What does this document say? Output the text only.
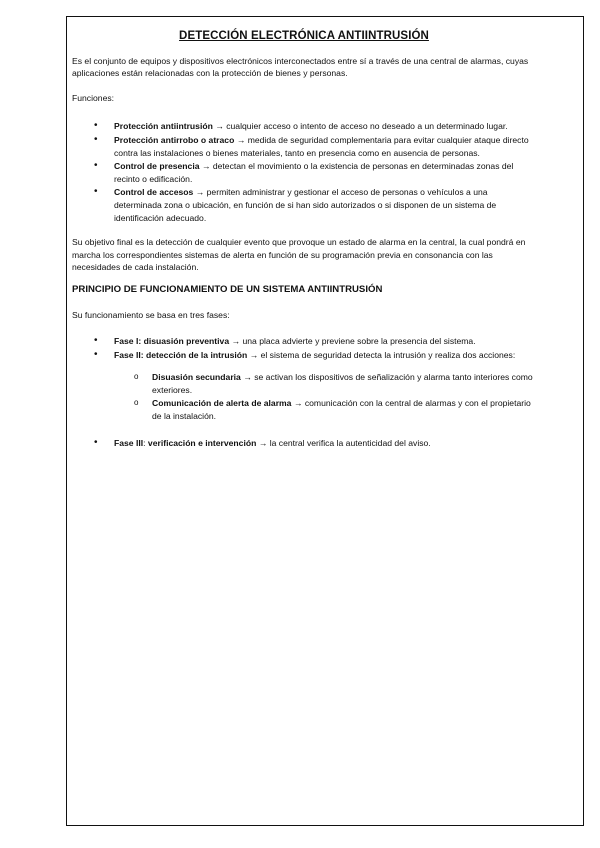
DETECCIÓN ELECTRÓNICA ANTIINTRUSIÓN

Es el conjunto de equipos y dispositivos electrónicos interconectados entre sí a través de una central de alarmas, cuyas aplicaciones están relacionadas con la protección de bienes y personas.

Funciones:

• Protección antiintrusión → cualquier acceso o intento de acceso no deseado a un determinado lugar.
• Protección antirrobo o atraco → medida de seguridad complementaria para evitar cualquier ataque directo contra las instalaciones o bienes materiales, tanto en presencia como en ausencia de personas.
• Control de presencia → detectan el movimiento o la existencia de personas en determinadas zonas del recinto o edificación.
• Control de accesos → permiten administrar y gestionar el acceso de personas o vehículos a una determinada zona o ubicación, en función de si han sido autorizados o si disponen de un sistema de identificación adecuado.

Su objetivo final es la detección de cualquier evento que provoque un estado de alarma en la central, la cual pondrá en marcha los correspondientes sistemas de alerta en función de su programación previa en consonancia con las necesidades de cada instalación.

PRINCIPIO DE FUNCIONAMIENTO DE UN SISTEMA ANTIINTRUSIÓN

Su funcionamiento se basa en tres fases:

• Fase I: disuasión preventiva → una placa advierte y previene sobre la presencia del sistema.
• Fase II: detección de la intrusión → el sistema de seguridad detecta la intrusión y realiza dos acciones:
o Disuasión secundaria → se activan los dispositivos de señalización y alarma tanto interiores como exteriores.
o Comunicación de alerta de alarma → comunicación con la central de alarmas y con el propietario de la instalación.
• Fase III: verificación e intervención → la central verifica la autenticidad del aviso.
